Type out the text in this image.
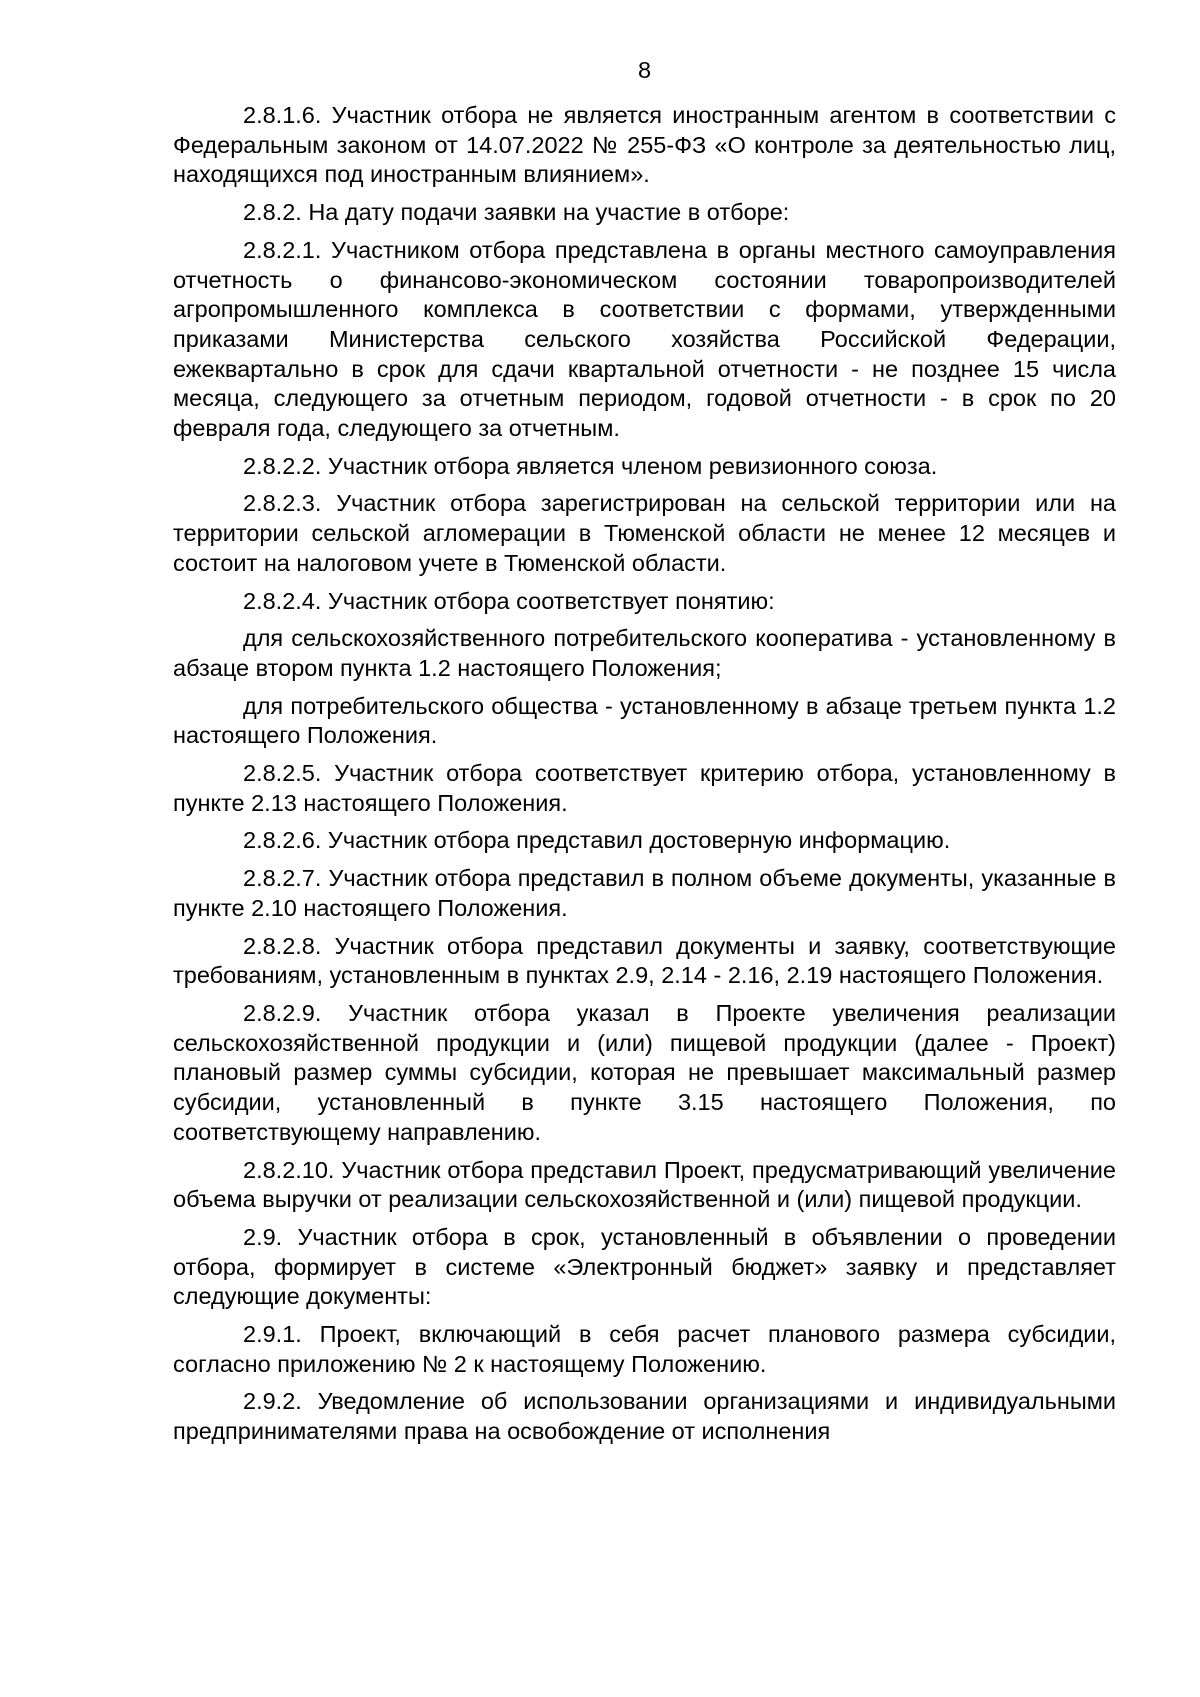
8

2.8.1.6. Участник отбора не является иностранным агентом в соответствии с Федеральным законом от 14.07.2022 № 255-ФЗ «О контроле за деятельностью лиц, находящихся под иностранным влиянием».

2.8.2. На дату подачи заявки на участие в отборе:

2.8.2.1. Участником отбора представлена в органы местного самоуправления отчетность о финансово-экономическом состоянии товаропроизводителей агропромышленного комплекса в соответствии с формами, утвержденными приказами Министерства сельского хозяйства Российской Федерации, ежеквартально в срок для сдачи квартальной отчетности - не позднее 15 числа месяца, следующего за отчетным периодом, годовой отчетности - в срок по 20 февраля года, следующего за отчетным.

2.8.2.2. Участник отбора является членом ревизионного союза.

2.8.2.3. Участник отбора зарегистрирован на сельской территории или на территории сельской агломерации в Тюменской области не менее 12 месяцев и состоит на налоговом учете в Тюменской области.

2.8.2.4. Участник отбора соответствует понятию:

для сельскохозяйственного потребительского кооператива - установленному в абзаце втором пункта 1.2 настоящего Положения;

для потребительского общества - установленному в абзаце третьем пункта 1.2 настоящего Положения.

2.8.2.5. Участник отбора соответствует критерию отбора, установленному в пункте 2.13 настоящего Положения.

2.8.2.6. Участник отбора представил достоверную информацию.

2.8.2.7. Участник отбора представил в полном объеме документы, указанные в пункте 2.10 настоящего Положения.

2.8.2.8. Участник отбора представил документы и заявку, соответствующие требованиям, установленным в пунктах 2.9, 2.14 - 2.16, 2.19 настоящего Положения.

2.8.2.9. Участник отбора указал в Проекте увеличения реализации сельскохозяйственной продукции и (или) пищевой продукции (далее - Проект) плановый размер суммы субсидии, которая не превышает максимальный размер субсидии, установленный в пункте 3.15 настоящего Положения, по соответствующему направлению.

2.8.2.10. Участник отбора представил Проект, предусматривающий увеличение объема выручки от реализации сельскохозяйственной и (или) пищевой продукции.

2.9. Участник отбора в срок, установленный в объявлении о проведении отбора, формирует в системе «Электронный бюджет» заявку и представляет следующие документы:

2.9.1. Проект, включающий в себя расчет планового размера субсидии, согласно приложению № 2 к настоящему Положению.

2.9.2. Уведомление об использовании организациями и индивидуальными предпринимателями права на освобождение от исполнения
